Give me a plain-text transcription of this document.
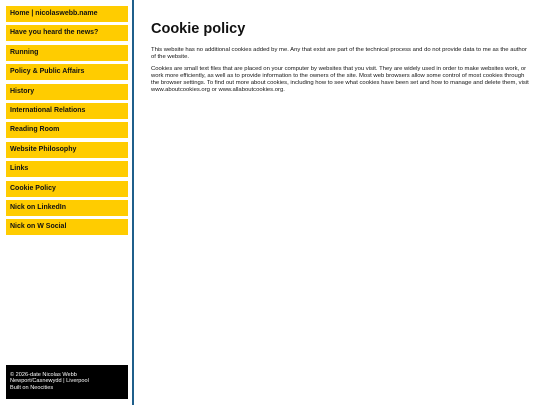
Home | nicolaswebb.name
Have you heard the news?
Running
Policy & Public Affairs
History
International Relations
Reading Room
Website Philosophy
Links
Cookie Policy
Nick on LinkedIn
Nick on W Social
© 2026-date Nicolas Webb
Newport/Casnewydd | Liverpool
Built on Neocities
Cookie policy

This website has no additional cookies added by me. Any that exist are part of the technical process and do not provide data to me as the author of the website.

Cookies are small text files that are placed on your computer by websites that you visit. They are widely used in order to make websites work, or work more efficiently, as well as to provide information to the owners of the site. Most web browsers allow some control of most cookies through the browser settings. To find out more about cookies, including how to see what cookies have been set and how to manage and delete them, visit www.aboutcookies.org or www.allaboutcookies.org.
